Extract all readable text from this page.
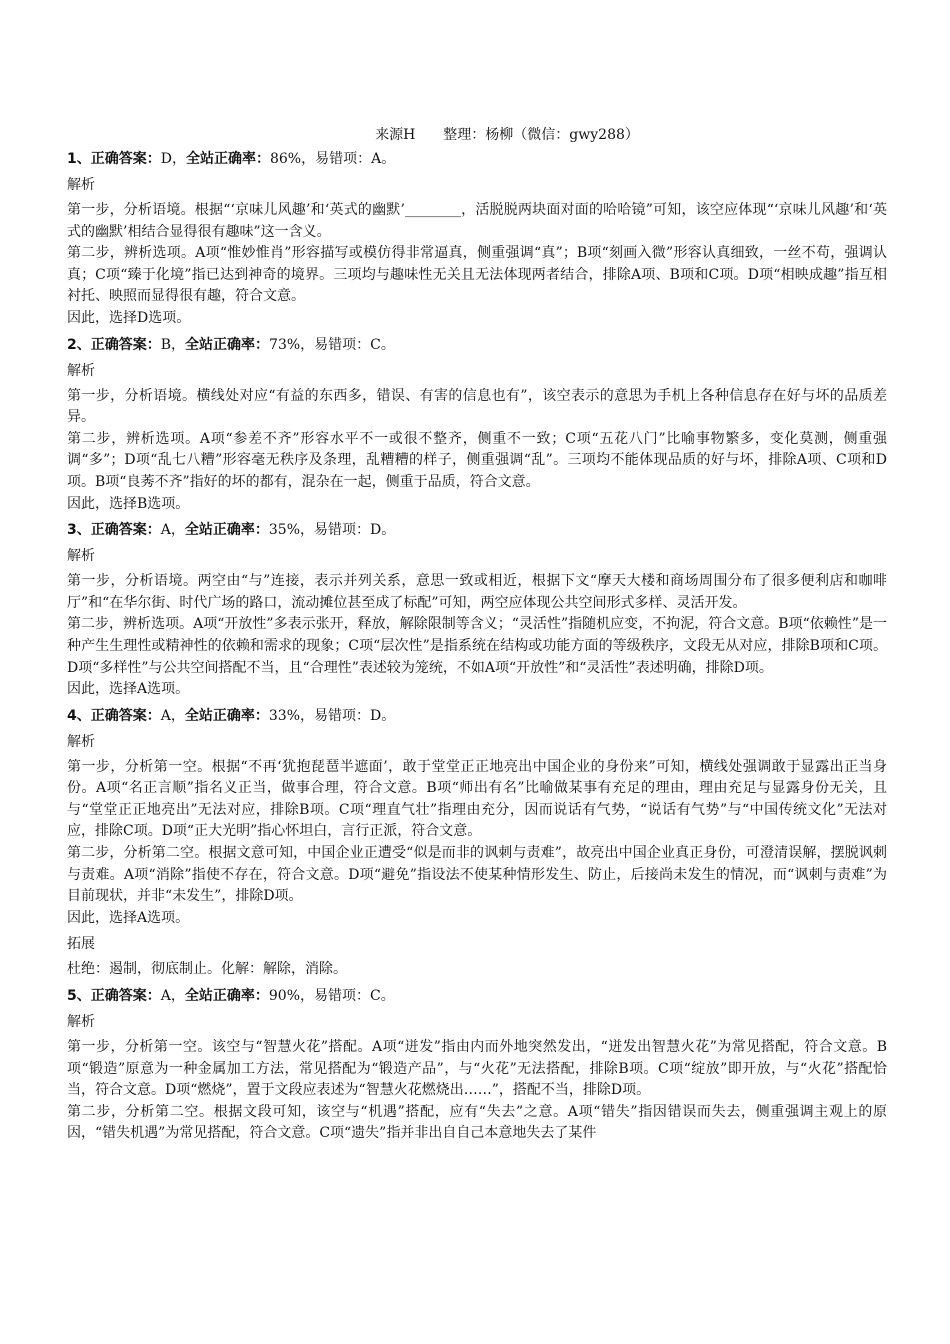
来源H　　整理：杨柳（微信：gwy288）
1、正确答案：D，全站正确率：86%，易错项：A。
解析

第一步，分析语境。根据“‘京味儿风趣’和‘英式的幽默’________，活脱脱两块面对面的哈哈镜”可知，该空应体现“‘京味儿风趣’和‘英式的幽默’相结合显得很有趣味”这一含义。

第二步，辨析选项。A项“惟妙惟肖”形容描写或模仿得非常逼真，侧重强调“真”；B项“刻画入微”形容认真细致，一丝不苟，强调认真；C项“臻于化境”指已达到神奇的境界。三项均与趣味性无关且无法体现两者结合，排除A项、B项和C项。D项“相映成趣”指互相衬托、映照而显得很有趣，符合文意。

因此，选择D选项。

2、正确答案：B，全站正确率：73%，易错项：C。
解析

第一步，分析语境。横线处对应“有益的东西多，错误、有害的信息也有”，该空表示的意思为手机上各种信息存在好与坏的品质差异。

第二步，辨析选项。A项“参差不齐”形容水平不一或很不整齐，侧重不一致；C项“五花八门”比喻事物繁多，变化莫测，侧重强调“多”；D项“乱七八糟”形容毫无秩序及条理，乱糟糟的样子，侧重强调“乱”。三项均不能体现品质的好与坏，排除A项、C项和D项。B项“良莠不齐”指好的坏的都有，混杂在一起，侧重于品质，符合文意。

因此，选择B选项。

3、正确答案：A，全站正确率：35%，易错项：D。
解析

第一步，分析语境。两空由“与”连接，表示并列关系，意思一致或相近，根据下文“摩天大楼和商场周围分布了很多便利店和咖啡厅”和“在华尔街、时代广场的路口，流动摊位甚至成了标配”可知，两空应体现公共空间形式多样、灵活开发。

第二步，辨析选项。A项“开放性”多表示张开，释放，解除限制等含义；“灵活性”指随机应变，不拘泥，符合文意。B项“依赖性”是一种产生生理性或精神性的依赖和需求的现象；C项“层次性”是指系统在结构或功能方面的等级秩序，文段无从对应，排除B项和C项。D项“多样性”与公共空间搭配不当，且“合理性”表述较为笼统，不如A项“开放性”和“灵活性”表述明确，排除D项。

因此，选择A选项。

4、正确答案：A，全站正确率：33%，易错项：D。
解析

第一步，分析第一空。根据“不再‘犹抱琵琶半遮面’，敢于堂堂正正地亮出中国企业的身份来”可知，横线处强调敢于显露出正当身份。A项“名正言顺”指名义正当，做事合理，符合文意。B项“师出有名”比喻做某事有充足的理由，理由充足与显露身份无关，且与“堂堂正正地亮出”无法对应，排除B项。C项“理直气壮”指理由充分，因而说话有气势，“说话有气势”与“中国传统文化”无法对应，排除C项。D项“正大光明”指心怀坦白，言行正派，符合文意。

第二步，分析第二空。根据文意可知，中国企业正遭受“似是而非的讽刺与责难”，故亮出中国企业真正身份，可澄清误解，摆脱讽刺与责难。A项“消除”指使不存在，符合文意。D项“避免”指设法不使某种情形发生、防止，后接尚未发生的情况，而“讽刺与责难”为目前现状，并非“未发生”，排除D项。

因此，选择A选项。

拓展

杜绝：遏制，彻底制止。化解：解除，消除。

5、正确答案：A，全站正确率：90%，易错项：C。
解析

第一步，分析第一空。该空与“智慧火花”搭配。A项“迸发”指由内而外地突然发出，“迸发出智慧火花”为常见搭配，符合文意。B项“锻造”原意为一种金属加工方法，常见搭配为“锻造产品”，与“火花”无法搭配，排除B项。C项“绽放”即开放，与“火花”搭配恰当，符合文意。D项“燃烧”，置于文段应表述为“智慧火花燃烧出……”，搭配不当，排除D项。

第二步，分析第二空。根据文段可知，该空与“机遇”搭配，应有“失去”之意。A项“错失”指因错误而失去，侧重强调主观上的原因，“错失机遇”为常见搭配，符合文意。C项“遗失”指并非出自自己本意地失去了某件
